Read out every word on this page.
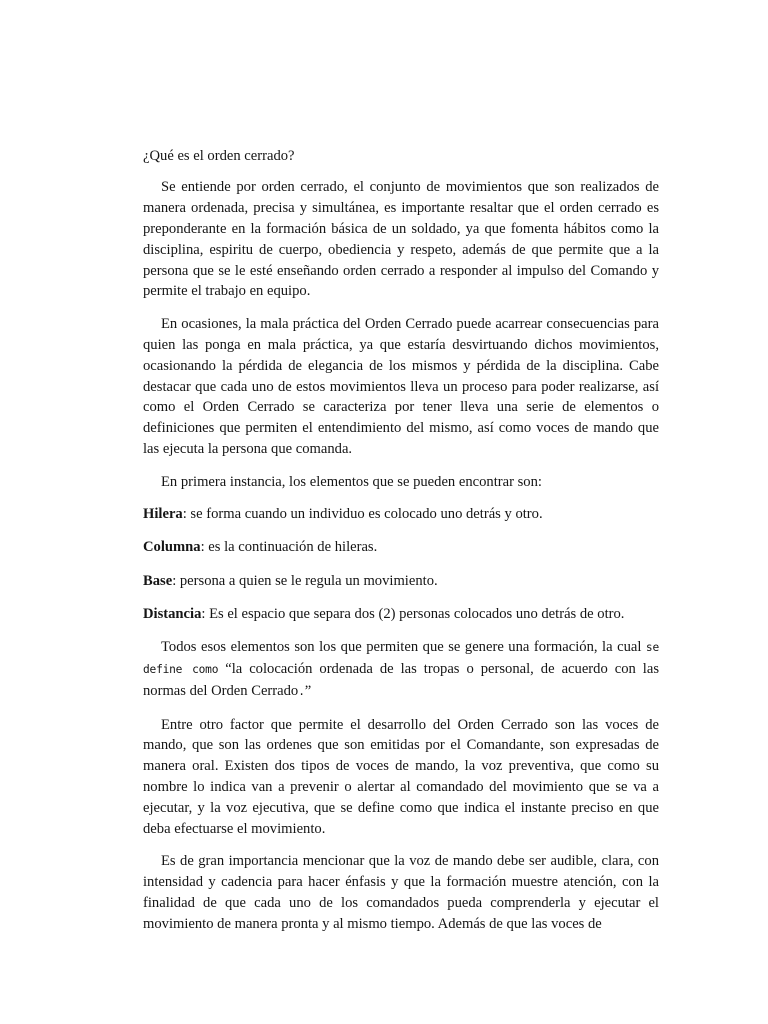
¿Qué es el orden cerrado?

Se entiende por orden cerrado, el conjunto de movimientos que son realizados de manera ordenada, precisa y simultánea, es importante resaltar que el orden cerrado es preponderante en la formación básica de un soldado, ya que fomenta hábitos como la disciplina, espiritu de cuerpo, obediencia y respeto, además de que permite que a la persona que se le esté enseñando orden cerrado a responder al impulso del Comando y permite el trabajo en equipo.

En ocasiones, la mala práctica del Orden Cerrado puede acarrear consecuencias para quien las ponga en mala práctica, ya que estaría desvirtuando dichos movimientos, ocasionando la pérdida de elegancia de los mismos y pérdida de la disciplina. Cabe destacar que cada uno de estos movimientos lleva un proceso para poder realizarse, así como el Orden Cerrado se caracteriza por tener lleva una serie de elementos o definiciones que permiten el entendimiento del mismo, así como voces de mando que las ejecuta la persona que comanda.

En primera instancia, los elementos que se pueden encontrar son:

Hilera: se forma cuando un individuo es colocado uno detrás y otro.

Columna: es la continuación de hileras.

Base: persona a quien se le regula un movimiento.

Distancia: Es el espacio que separa dos (2) personas colocados uno detrás de otro.

Todos esos elementos son los que permiten que se genere una formación, la cual se define como “la colocación ordenada de las tropas o personal, de acuerdo con las normas del Orden Cerrado.”

Entre otro factor que permite el desarrollo del Orden Cerrado son las voces de mando, que son las ordenes que son emitidas por el Comandante, son expresadas de manera oral. Existen dos tipos de voces de mando, la voz preventiva, que como su nombre lo indica van a prevenir o alertar al comandado del movimiento que se va a ejecutar, y la voz ejecutiva, que se define como que indica el instante preciso en que deba efectuarse el movimiento.

Es de gran importancia mencionar que la voz de mando debe ser audible, clara, con intensidad y cadencia para hacer énfasis y que la formación muestre atención, con la finalidad de que cada uno de los comandados pueda comprenderla y ejecutar el movimiento de manera pronta y al mismo tiempo. Además de que las voces de
